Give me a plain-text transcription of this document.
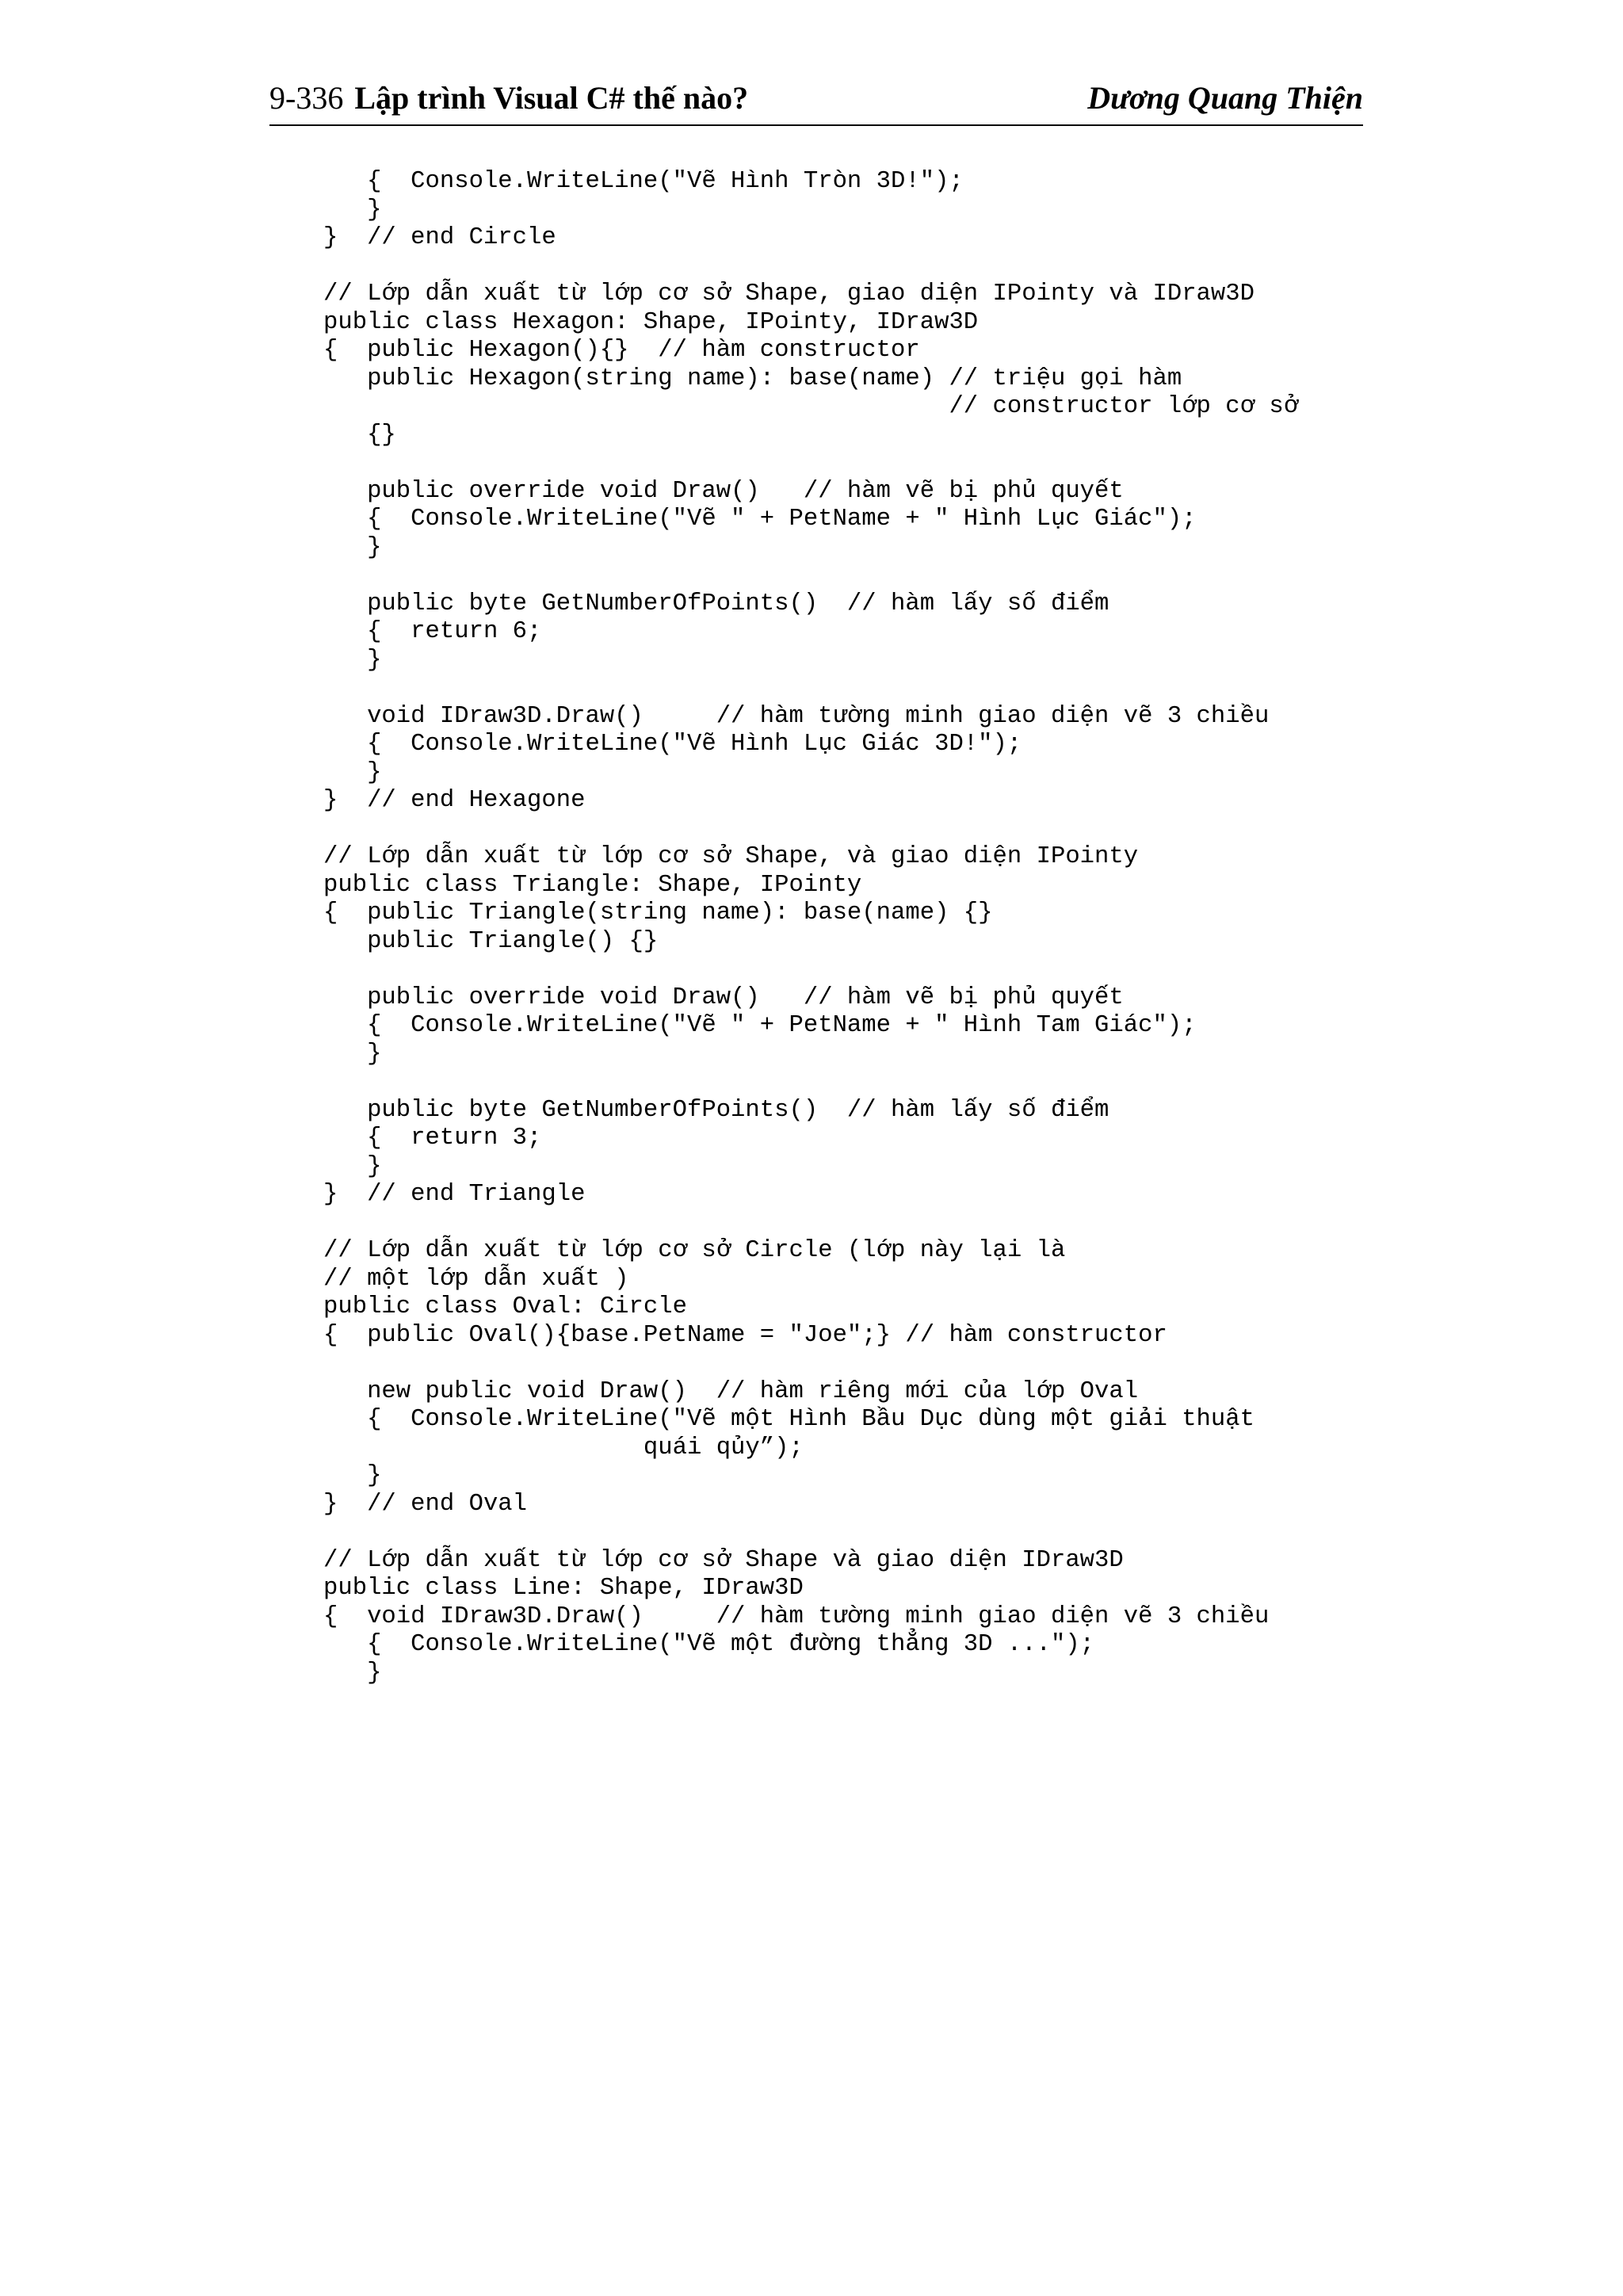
9-336 Lập trình Visual C# thế nào?	Dương Quang Thiện
{  Console.WriteLine("Vẽ Hình Tròn 3D!");
}
}  // end Circle
// Lớp dẫn xuất từ lớp cơ sở Shape, giao diện IPointy và IDraw3D
public class Hexagon: Shape, IPointy, IDraw3D
{  public Hexagon(){}  // hàm constructor
public Hexagon(string name): base(name) // triệu gọi hàm
// constructor lớp cơ sở
{}
public override void Draw()   // hàm vẽ bị phủ quyết
{  Console.WriteLine("Vẽ " + PetName + " Hình Lục Giác");
}
public byte GetNumberOfPoints()  // hàm lấy số điểm
{  return 6;
}
void IDraw3D.Draw()     // hàm tường minh giao diện vẽ 3 chiều
{  Console.WriteLine("Vẽ Hình Lục Giác 3D!");
}
}  // end Hexagone
// Lớp dẫn xuất từ lớp cơ sở Shape, và giao diện IPointy
public class Triangle: Shape, IPointy
{  public Triangle(string name): base(name) {}
public Triangle() {}
public override void Draw()   // hàm vẽ bị phủ quyết
{  Console.WriteLine("Vẽ " + PetName + " Hình Tam Giác");
}
public byte GetNumberOfPoints()  // hàm lấy số điểm
{  return 3;
}
}  // end Triangle
// Lớp dẫn xuất từ lớp cơ sở Circle (lớp này lại là
// một lớp dẫn xuất )
public class Oval: Circle
{  public Oval(){base.PetName = "Joe";} // hàm constructor
new public void Draw()  // hàm riêng mới của lớp Oval
{  Console.WriteLine("Vẽ một Hình Bầu Dục dùng một giải thuật
quái qủy”);
}
}  // end Oval
// Lớp dẫn xuất từ lớp cơ sở Shape và giao diện IDraw3D
public class Line: Shape, IDraw3D
{  void IDraw3D.Draw()     // hàm tường minh giao diện vẽ 3 chiều
{  Console.WriteLine("Vẽ một đường thẳng 3D ...");
}
